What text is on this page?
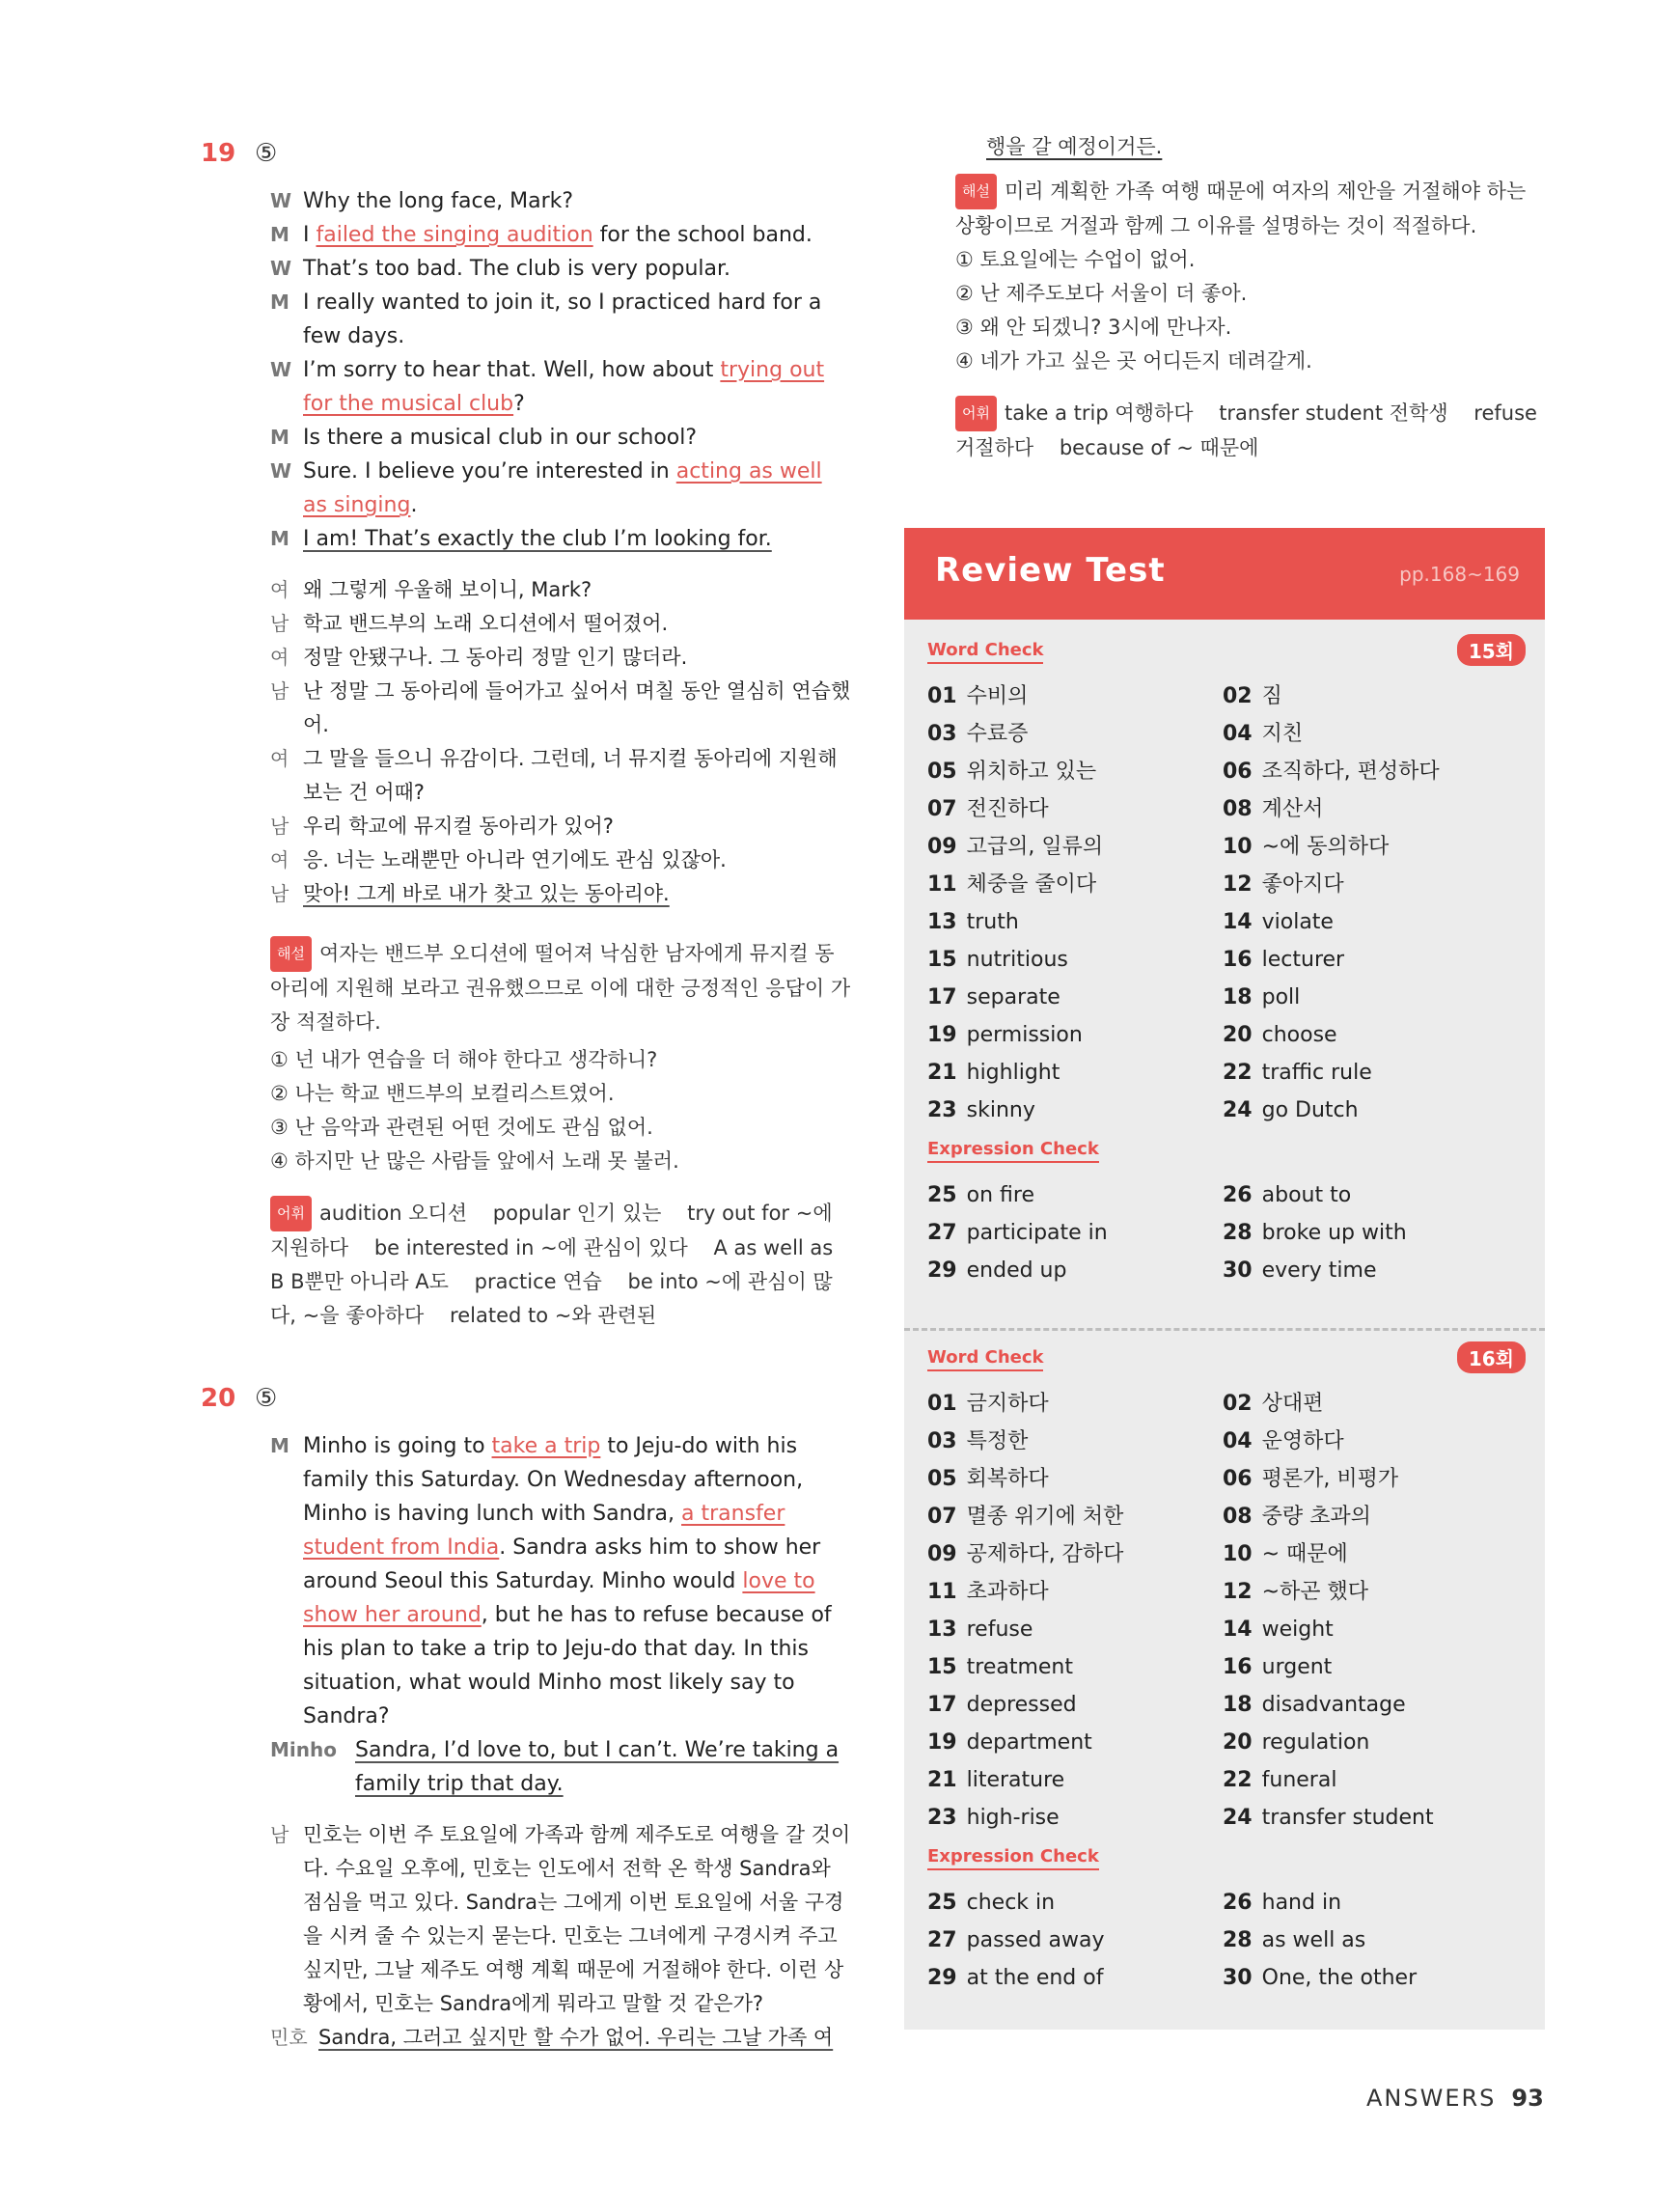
19 ⑤
W Why the long face, Mark?
M I failed the singing audition for the school band.
W That’s too bad. The club is very popular.
M I really wanted to join it, so I practiced hard for a few days.
W I’m sorry to hear that. Well, how about trying out for the musical club?
M Is there a musical club in our school?
W Sure. I believe you’re interested in acting as well as singing.
M I am! That’s exactly the club I’m looking for.
여 왜 그렇게 우울해 보이니, Mark?
남 학교 밴드부의 노래 오디션에서 떨어졌어.
여 정말 안됐구나. 그 동아리 정말 인기 많더라.
남 난 정말 그 동아리에 들어가고 싶어서 며칠 동안 열심히 연습했어.
여 그 말을 들으니 유감이다. 그런데, 너 뮤지컬 동아리에 지원해 보는 건 어때?
남 우리 학교에 뮤지컬 동아리가 있어?
여 응. 너는 노래뿐만 아니라 연기에도 관심 있잖아.
남 맞아! 그게 바로 내가 찾고 있는 동아리야.
해설 여자는 밴드부 오디션에 떨어져 낙심한 남자에게 뮤지컬 동아리에 지원해 보라고 권유했으므로 이에 대한 긍정적인 응답이 가장 적절하다.
① 넌 내가 연습을 더 해야 한다고 생각하니?
② 나는 학교 밴드부의 보컬리스트였어.
③ 난 음악과 관련된 어떤 것에도 관심 없어.
④ 하지만 난 많은 사람들 앞에서 노래 못 불러.
어휘 audition 오디션    popular 인기 있는    try out for ~에 지원하다    be interested in ~에 관심이 있다    A as well as B B뿐만 아니라 A도    practice 연습    be into ~에 관심이 많다, ~을 좋아하다    related to ~와 관련된
20 ⑤
M Minho is going to take a trip to Jeju-do with his family this Saturday. On Wednesday afternoon, Minho is having lunch with Sandra, a transfer student from India. Sandra asks him to show her around Seoul this Saturday. Minho would love to show her around, but he has to refuse because of his plan to take a trip to Jeju-do that day. In this situation, what would Minho most likely say to Sandra?
Minho Sandra, I’d love to, but I can’t. We’re taking a family trip that day.
남 민호는 이번 주 토요일에 가족과 함께 제주도로 여행을 갈 것이다. 수요일 오후에, 민호는 인도에서 전학 온 학생 Sandra와 점심을 먹고 있다. Sandra는 그에게 이번 토요일에 서울 구경을 시켜 줄 수 있는지 묻는다. 민호는 그녀에게 구경시켜 주고 싶지만, 그날 제주도 여행 계획 때문에 거절해야 한다. 이런 상황에서, 민호는 Sandra에게 뭐라고 말할 것 같은가?
민호 Sandra, 그러고 싶지만 할 수가 없어. 우리는 그날 가족 여
행을 갈 예정이거든.
해설 미리 계획한 가족 여행 때문에 여자의 제안을 거절해야 하는 상황이므로 거절과 함께 그 이유를 설명하는 것이 적절하다.
① 토요일에는 수업이 없어.
② 난 제주도보다 서울이 더 좋아.
③ 왜 안 되겠니? 3시에 만나자.
④ 네가 가고 싶은 곳 어디든지 데려갈게.
어휘 take a trip 여행하다    transfer student 전학생    refuse 거절하다    because of ~ 때문에
Review Test	pp.168~169
15회
Word Check
01 수비의	02 짐
03 수료증	04 지친
05 위치하고 있는	06 조직하다, 편성하다
07 전진하다	08 계산서
09 고급의, 일류의	10 ~에 동의하다
11 체중을 줄이다	12 좋아지다
13 truth	14 violate
15 nutritious	16 lecturer
17 separate	18 poll
19 permission	20 choose
21 highlight	22 traffic rule
23 skinny	24 go Dutch
Expression Check
25 on fire	26 about to
27 participate in	28 broke up with
29 ended up	30 every time
16회
Word Check
01 금지하다	02 상대편
03 특정한	04 운영하다
05 회복하다	06 평론가, 비평가
07 멸종 위기에 처한	08 중량 초과의
09 공제하다, 감하다	10 ~ 때문에
11 초과하다	12 ~하곤 했다
13 refuse	14 weight
15 treatment	16 urgent
17 depressed	18 disadvantage
19 department	20 regulation
21 literature	22 funeral
23 high-rise	24 transfer student
Expression Check
25 check in	26 hand in
27 passed away	28 as well as
29 at the end of	30 One, the other
ANSWERS 93
